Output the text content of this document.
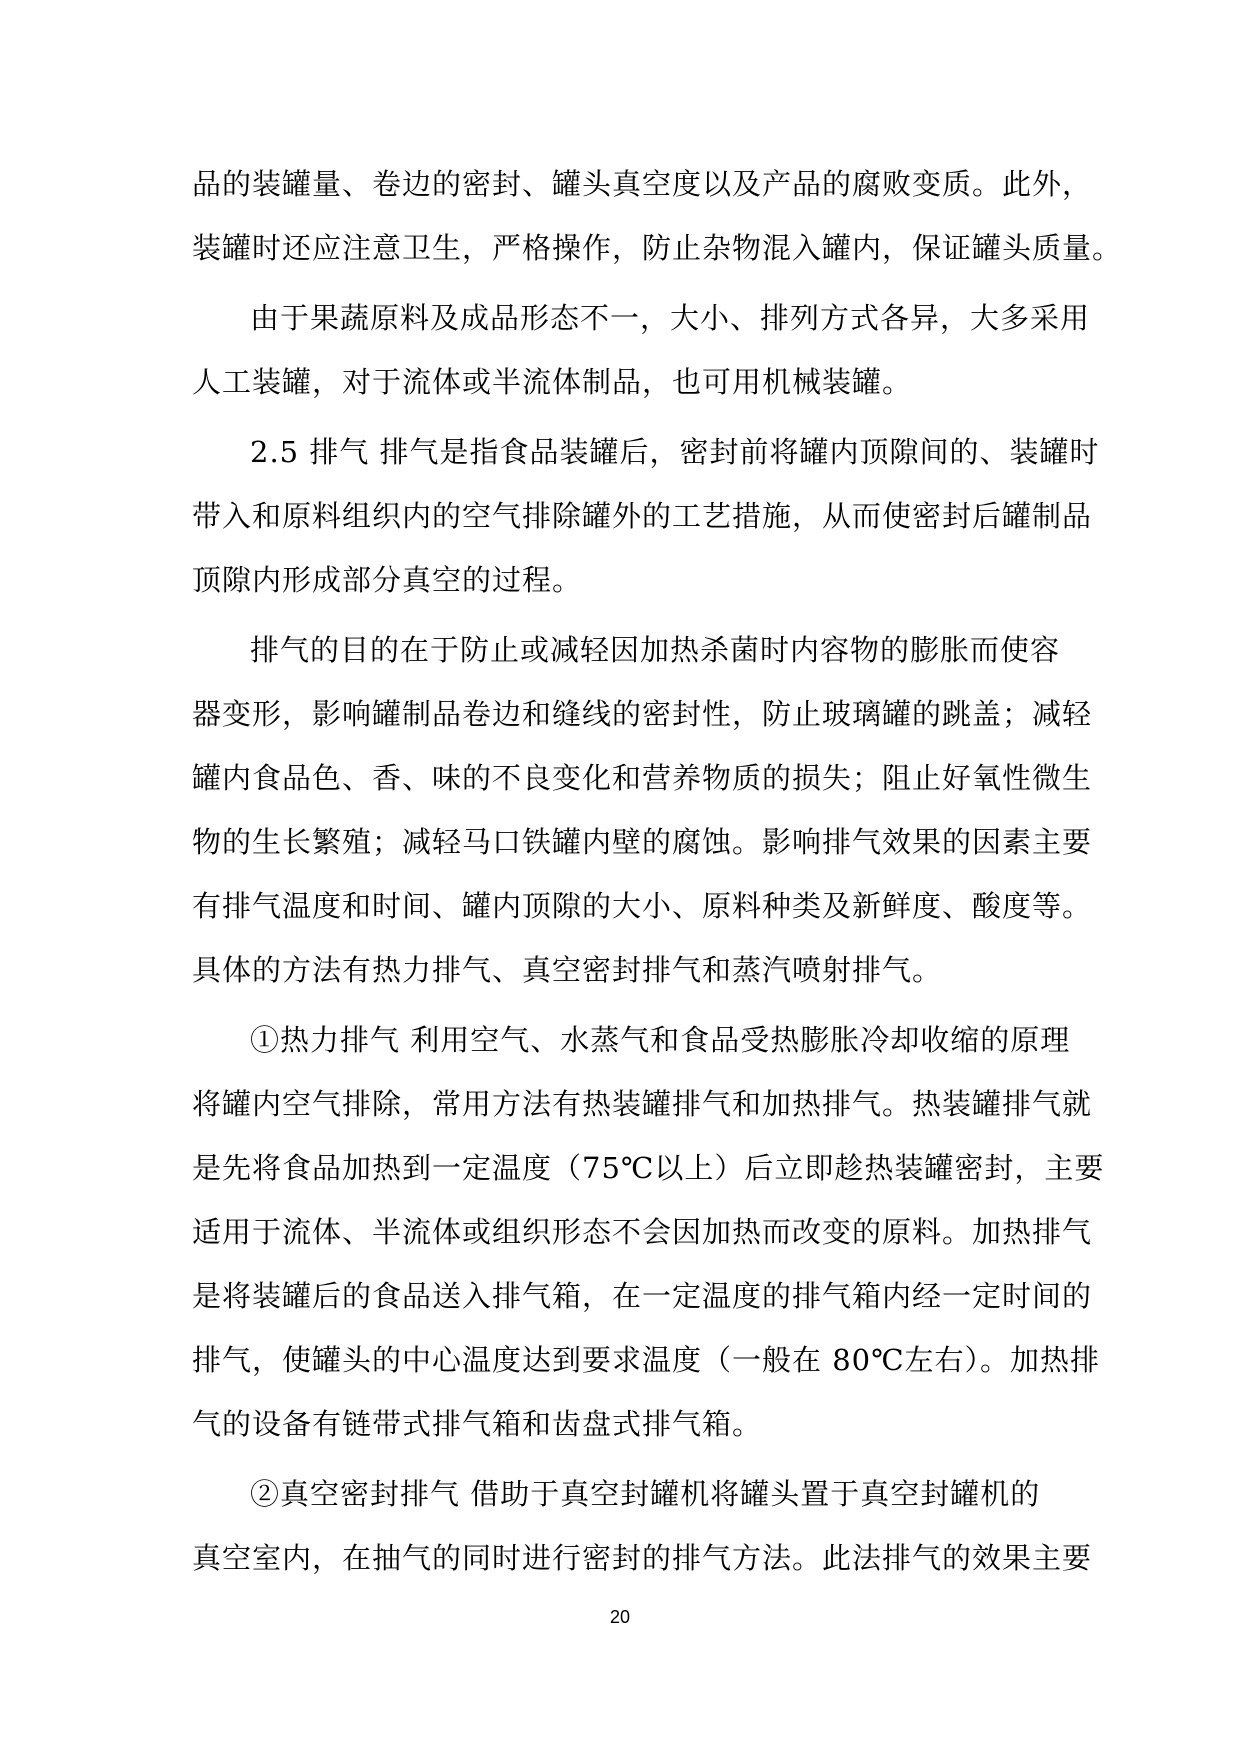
品的装罐量、卷边的密封、罐头真空度以及产品的腐败变质。此外，
装罐时还应注意卫生，严格操作，防止杂物混入罐内，保证罐头质量。
由于果蔬原料及成品形态不一，大小、排列方式各异，大多采用
人工装罐，对于流体或半流体制品，也可用机械装罐。
2.5 排气 排气是指食品装罐后，密封前将罐内顶隙间的、装罐时
带入和原料组织内的空气排除罐外的工艺措施，从而使密封后罐制品
顶隙内形成部分真空的过程。
排气的目的在于防止或减轻因加热杀菌时内容物的膨胀而使容
器变形，影响罐制品卷边和缝线的密封性，防止玻璃罐的跳盖；减轻
罐内食品色、香、味的不良变化和营养物质的损失；阻止好氧性微生
物的生长繁殖；减轻马口铁罐内壁的腐蚀。影响排气效果的因素主要
有排气温度和时间、罐内顶隙的大小、原料种类及新鲜度、酸度等。
具体的方法有热力排气、真空密封排气和蒸汽喷射排气。
①热力排气 利用空气、水蒸气和食品受热膨胀冷却收缩的原理
将罐内空气排除，常用方法有热装罐排气和加热排气。热装罐排气就
是先将食品加热到一定温度（75℃以上）后立即趁热装罐密封，主要
适用于流体、半流体或组织形态不会因加热而改变的原料。加热排气
是将装罐后的食品送入排气箱，在一定温度的排气箱内经一定时间的
排气，使罐头的中心温度达到要求温度（一般在 80℃左右）。加热排
气的设备有链带式排气箱和齿盘式排气箱。
②真空密封排气 借助于真空封罐机将罐头置于真空封罐机的
真空室内，在抽气的同时进行密封的排气方法。此法排气的效果主要
20
